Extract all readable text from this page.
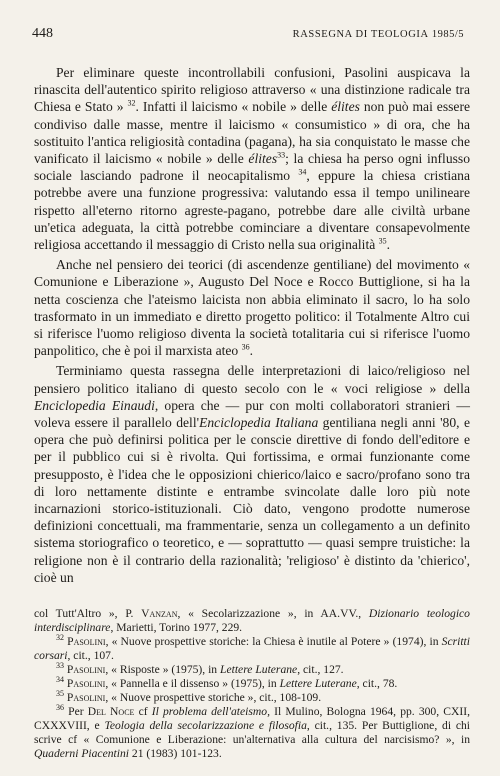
448	RASSEGNA DI TEOLOGIA 1985/5

Per eliminare queste incontrollabili confusioni, Pasolini auspicava la rinascita dell'autentico spirito religioso attraverso « una distinzione radicale tra Chiesa e Stato » $^{32}$. Infatti il laicismo « nobile » delle élites non può mai essere condiviso dalle masse, mentre il laicismo « consumistico » di ora, che ha sostituito l'antica religiosità contadina (pagana), ha sia conquistato le masse che vanificato il laicismo « nobile » delle élites$^{33}$; la chiesa ha perso ogni influsso sociale lasciando padrone il neocapitalismo $^{34}$, eppure la chiesa cristiana potrebbe avere una funzione progressiva: valutando essa il tempo unilineare rispetto all'eterno ritorno agreste-pagano, potrebbe dare alle civiltà urbane un'etica adeguata, la città potrebbe cominciare a diventare consapevolmente religiosa accettando il messaggio di Cristo nella sua originalità $^{35}$.

Anche nel pensiero dei teorici (di ascendenze gentiliane) del movimento « Comunione e Liberazione », Augusto Del Noce e Rocco Buttiglione, si ha la netta coscienza che l'ateismo laicista non abbia eliminato il sacro, lo ha solo trasformato in un immediato e diretto progetto politico: il Totalmente Altro cui si riferisce l'uomo religioso diventa la società totalitaria cui si riferisce l'uomo panpolitico, che è poi il marxista ateo $^{36}$.

Terminiamo questa rassegna delle interpretazioni di laico/religioso nel pensiero politico italiano di questo secolo con le « voci religiose » della Enciclopedia Einaudi, opera che — pur con molti collaboratori stranieri — voleva essere il parallelo dell'Enciclopedia Italiana gentiliana negli anni '80, e opera che può definirsi politica per le conscie direttive di fondo dell'editore e per il pubblico cui si è rivolta. Qui fortissima, e ormai funzionante come presupposto, è l'idea che le opposizioni chierico/laico e sacro/profano sono tra di loro nettamente distinte e entrambe svincolate dalle loro più note incarnazioni storico-istituzionali. Ciò dato, vengono prodotte numerose definizioni concettuali, ma frammentarie, senza un collegamento a un definito sistema storiografico o teoretico, e — soprattutto — quasi sempre truistiche: la religione non è il contrario della razionalità; 'religioso' è distinto da 'chierico', cioè un

col Tutt'Altro », P. Vanzan, « Secolarizzazione », in AA.VV., Dizionario teologico interdisciplinare, Marietti, Torino 1977, 229.

$^{32}$ Pasolini, « Nuove prospettive storiche: la Chiesa è inutile al Potere » (1974), in Scritti corsari, cit., 107.

$^{33}$ Pasolini, « Risposte » (1975), in Lettere Luterane, cit., 127.

$^{34}$ Pasolini, « Pannella e il dissenso » (1975), in Lettere Luterane, cit., 78.

$^{35}$ Pasolini, « Nuove prospettive storiche », cit., 108-109.

$^{36}$ Per Del Noce cf Il problema dell'ateismo, Il Mulino, Bologna 1964, pp. 300, CXII, CXXXVIII, e Teologia della secolarizzazione e filosofia, cit., 135. Per Buttiglione, di chi scrive cf « Comunione e Liberazione: un'alternativa alla cultura del narcisismo? », in Quaderni Piacentini 21 (1983) 101-123.
